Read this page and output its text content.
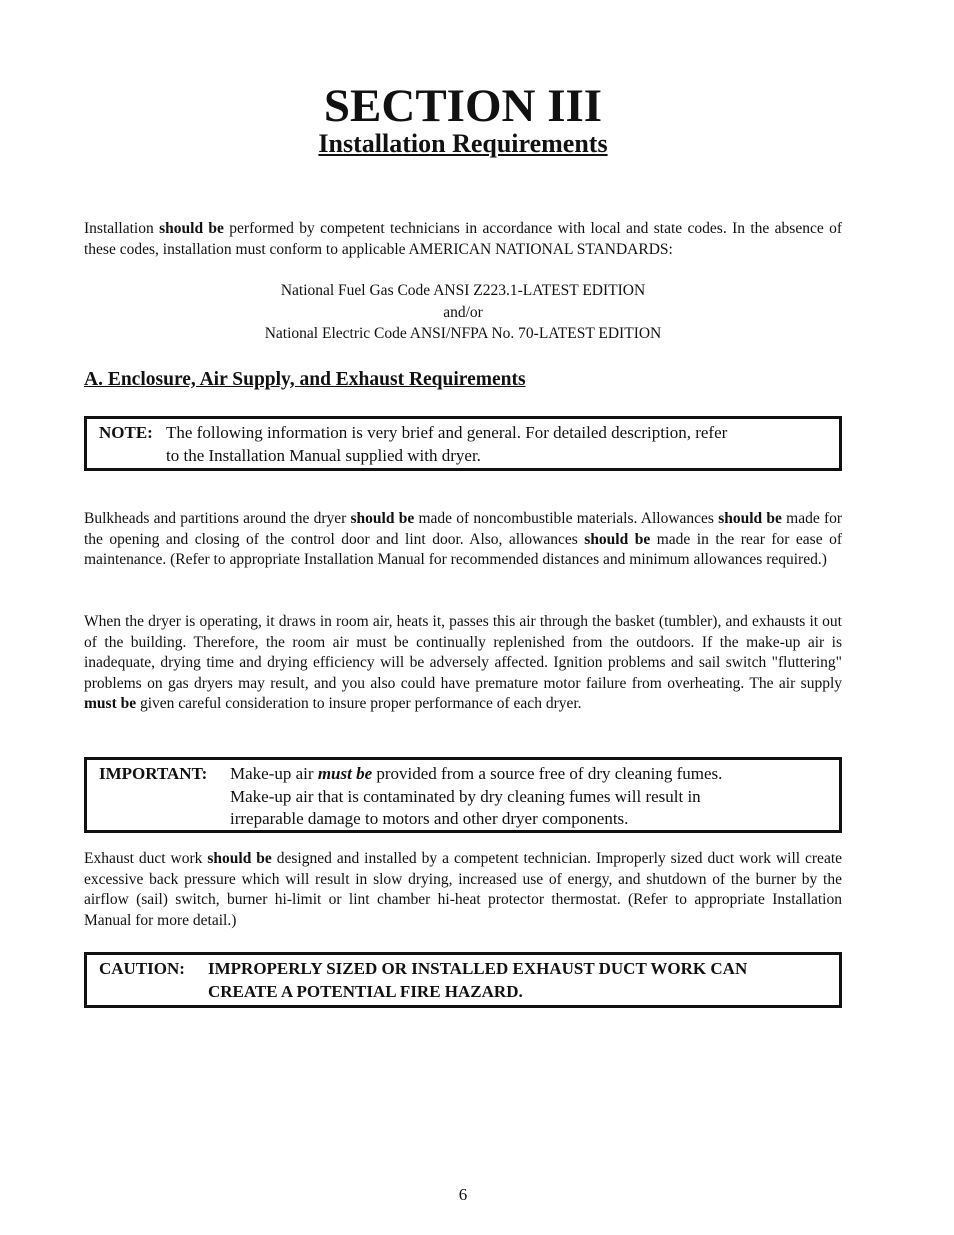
SECTION III
Installation Requirements

Installation should be performed by competent technicians in accordance with local and state codes. In the absence of these codes, installation must conform to applicable AMERICAN NATIONAL STANDARDS:

National Fuel Gas Code ANSI Z223.1-LATEST EDITION
and/or
National Electric Code ANSI/NFPA No. 70-LATEST EDITION
A. Enclosure, Air Supply, and Exhaust Requirements
NOTE: The following information is very brief and general. For detailed description, refer
to the Installation Manual supplied with dryer.

Bulkheads and partitions around the dryer should be made of noncombustible materials. Allowances should be made for the opening and closing of the control door and lint door. Also, allowances should be made in the rear for ease of maintenance. (Refer to appropriate Installation Manual for recommended distances and minimum allowances required.)

When the dryer is operating, it draws in room air, heats it, passes this air through the basket (tumbler), and exhausts it out of the building. Therefore, the room air must be continually replenished from the outdoors. If the make-up air is inadequate, drying time and drying efficiency will be adversely affected. Ignition problems and sail switch "fluttering" problems on gas dryers may result, and you also could have premature motor failure from overheating. The air supply must be given careful consideration to insure proper performance of each dryer.

IMPORTANT: Make-up air must be provided from a source free of dry cleaning fumes.
Make-up air that is contaminated by dry cleaning fumes will result in
irreparable damage to motors and other dryer components.

Exhaust duct work should be designed and installed by a competent technician. Improperly sized duct work will create excessive back pressure which will result in slow drying, increased use of energy, and shutdown of the burner by the airflow (sail) switch, burner hi-limit or lint chamber hi-heat protector thermostat. (Refer to appropriate Installation Manual for more detail.)

CAUTION: IMPROPERLY SIZED OR INSTALLED EXHAUST DUCT WORK CAN
CREATE A POTENTIAL FIRE HAZARD.
6
